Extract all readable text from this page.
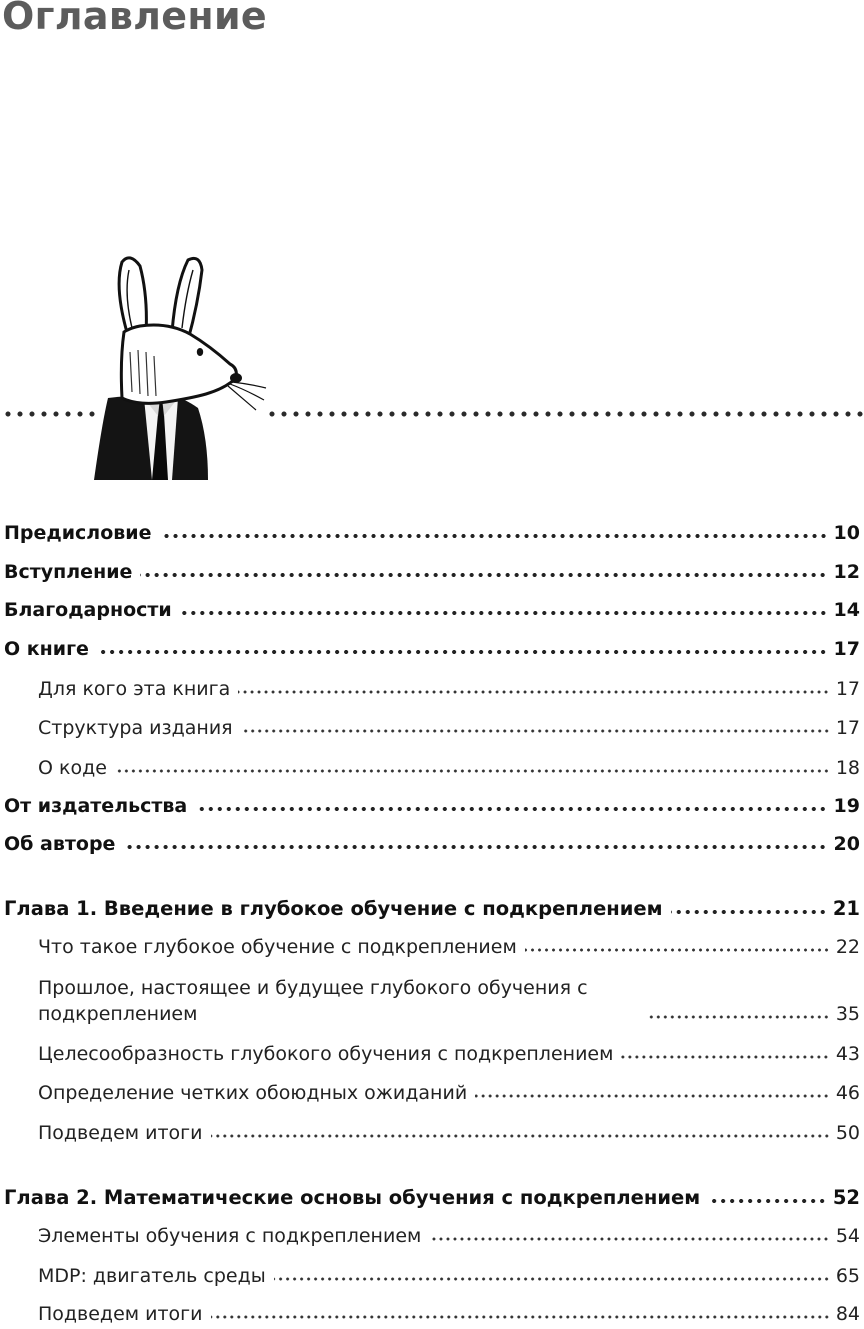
Оглавление
Предисловие	10
Вступление	12
Благодарности	14
О книге	17
Для кого эта книга	17
Структура издания	17
О коде	18
От издательства	19
Об авторе	20
Глава 1. Введение в глубокое обучение с подкреплением	21
Что такое глубокое обучение с подкреплением	22
Прошлое, настоящее и будущее глубокого обучения с подкреплением	35
Целесообразность глубокого обучения с подкреплением	43
Определение четких обоюдных ожиданий	46
Подведем итоги	50
Глава 2. Математические основы обучения с подкреплением	52
Элементы обучения с подкреплением	54
MDP: двигатель среды	65
Подведем итоги	84
